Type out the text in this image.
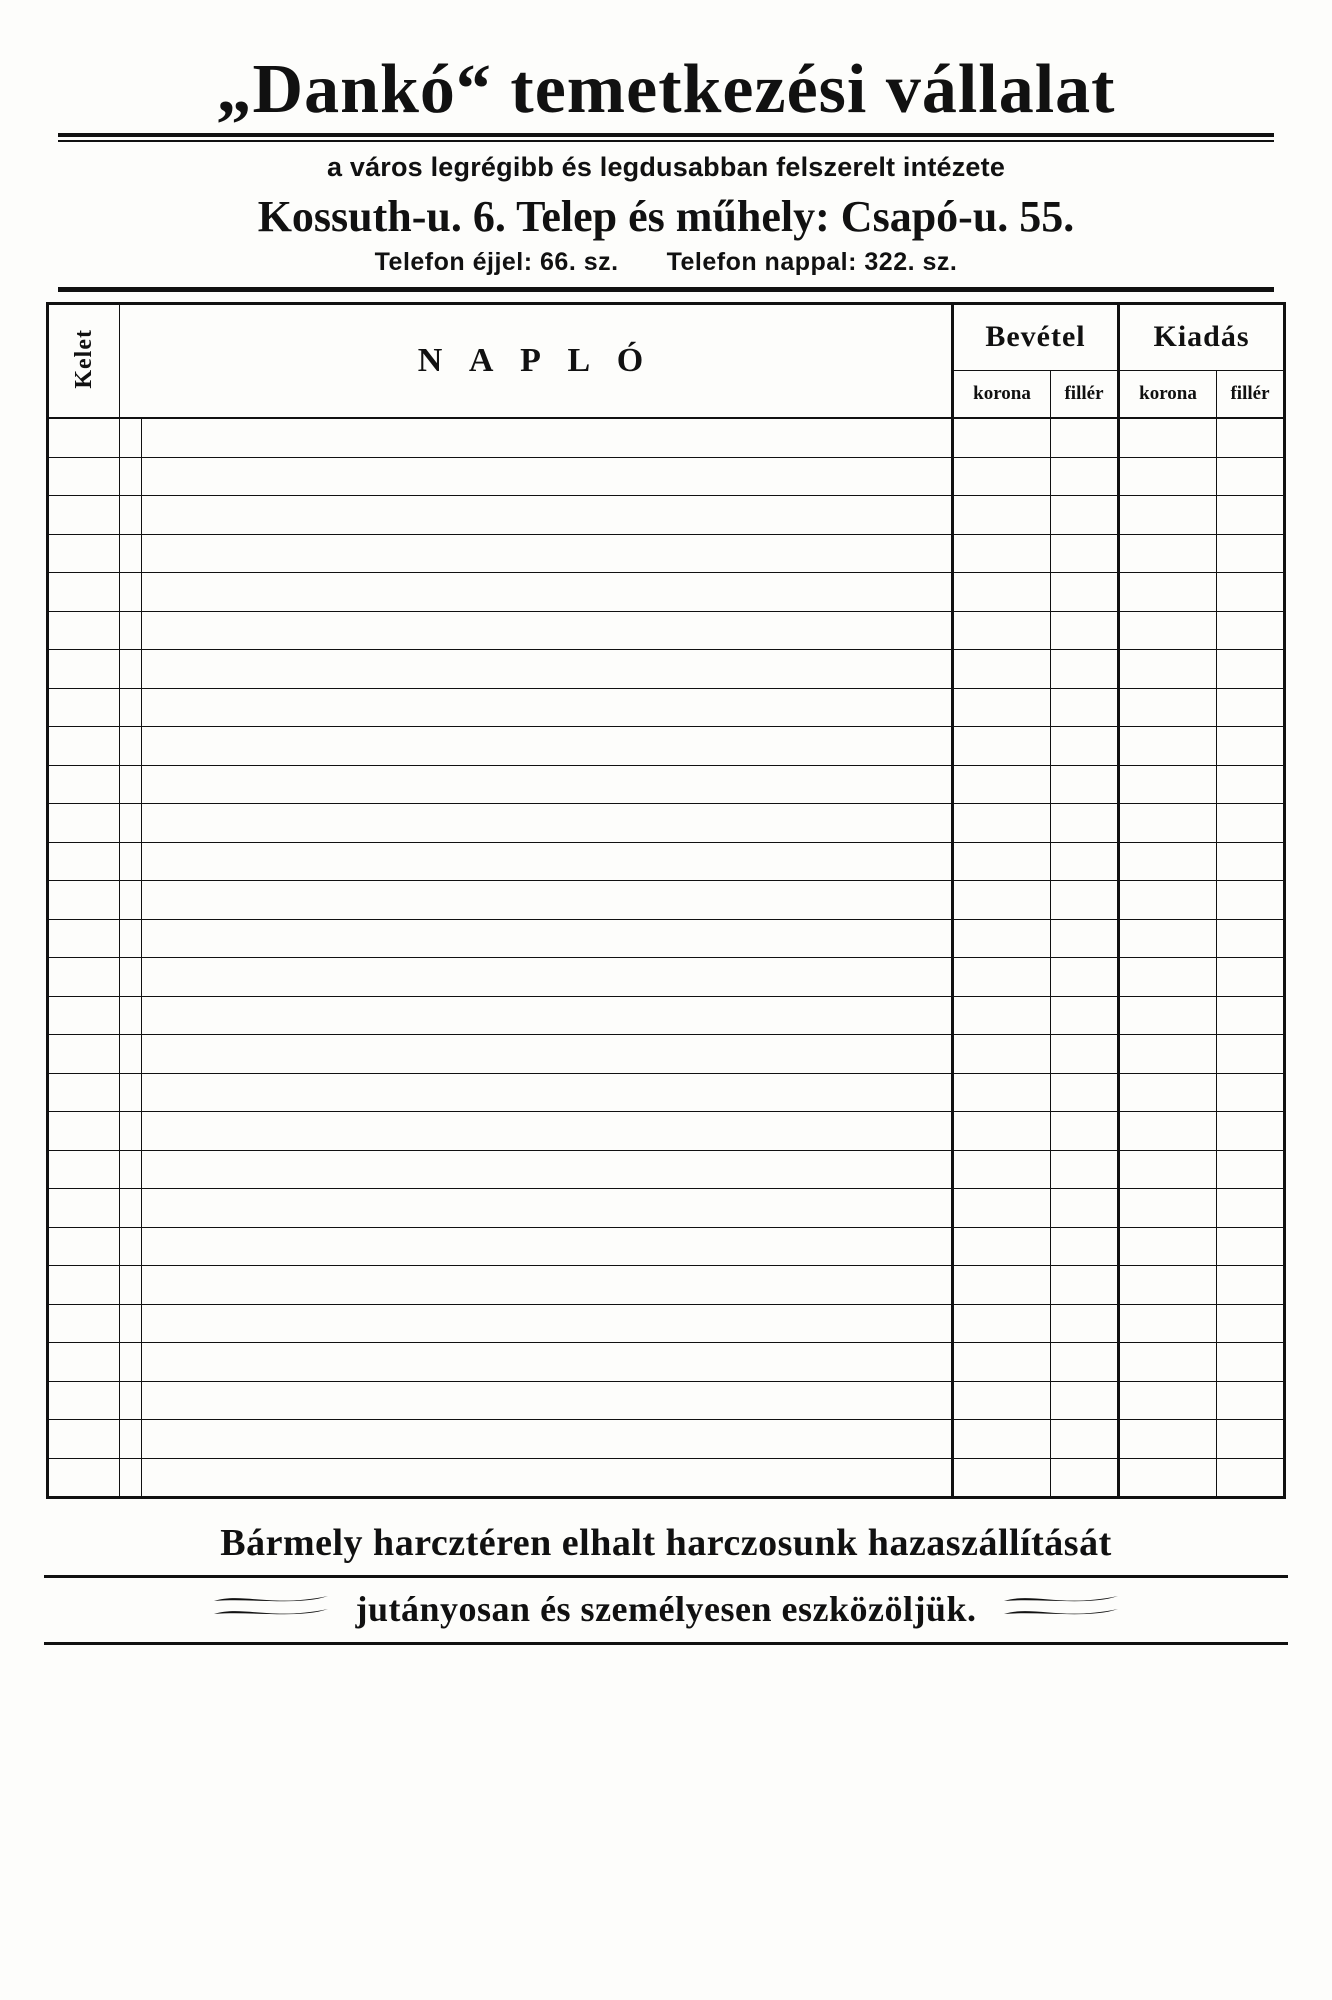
„Dankó“ temetkezési vállalat
a város legrégibb és legdusabban felszerelt intézete
Kossuth-u. 6. Telep és műhely: Csapó-u. 55.
Telefon éjjel: 66. sz. Telefon nappal: 322. sz.
Kelet	N A P L Ó		Bevétel		Kiadás	
			korona	fillér	korona	fillér

Bármely harcztéren elhalt harczosunk hazaszállítását
jutányosan és személyesen eszközöljük.
